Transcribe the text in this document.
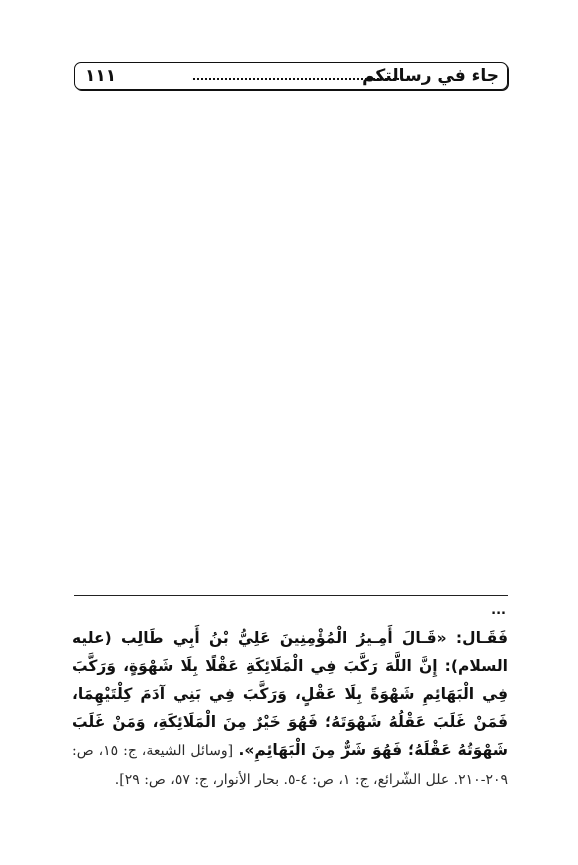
جاء في رسالتكم
١١١
...
فَقَـال: «قَـالَ أَمِـيرُ الْمُؤْمِنِينَ عَلِيُّ بْنُ أَبِي طَالِب (عليه السلام): إِنَّ اللَّهَ رَكَّبَ فِي الْمَلَائِكَةِ عَقْلًا بِلَا شَهْوَةٍ، وَرَكَّبَ فِي الْبَهَائِمِ شَهْوَةً بِلَا عَقْلٍ، وَرَكَّبَ فِي بَنِي آدَمَ كِلْتَيْهِمَا، فَمَنْ غَلَبَ عَقْلُهُ شَهْوَتَهُ؛ فَهُوَ خَيْرٌ مِنَ الْمَلَائِكَةِ، وَمَنْ غَلَبَ شَهْوَتُهُ عَقْلَهُ؛ فَهُوَ شَرٌّ مِنَ الْبَهَائِمِ». [وسائل الشيعة، ج: ١٥، ص: ٢٠٩-٢١٠. علل الشّرائع، ج: ١، ص: ٤-٥. بحار الأنوار، ج: ٥٧، ص: ٢٩].
